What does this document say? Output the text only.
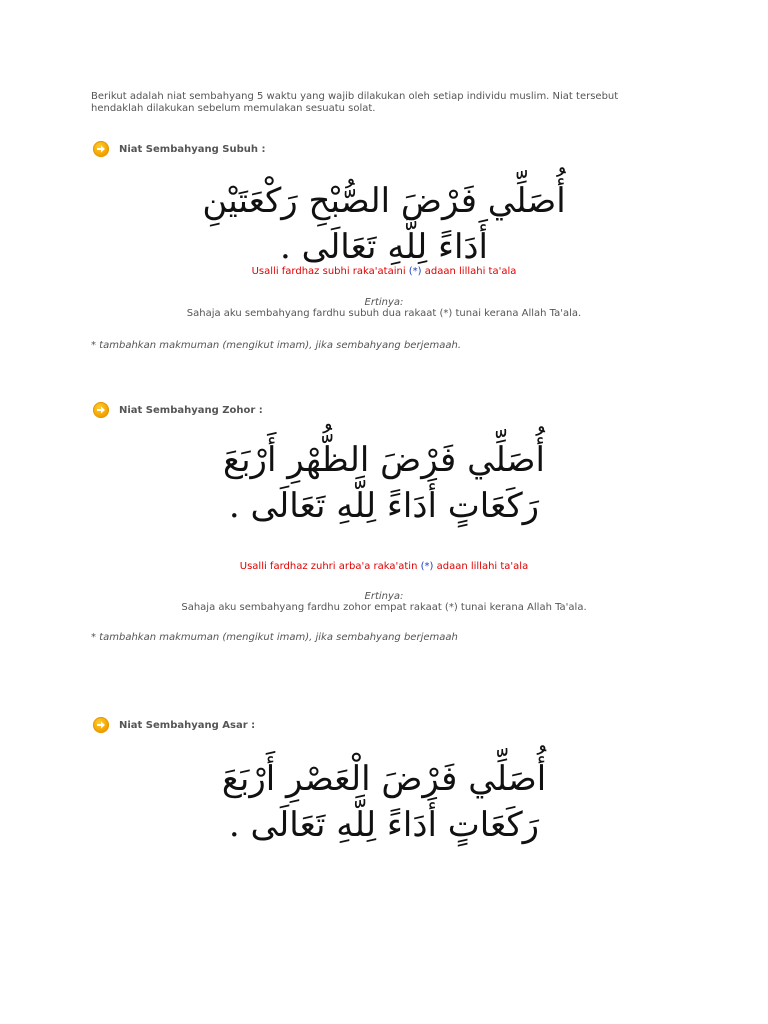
Berikut adalah niat sembahyang 5 waktu yang wajib dilakukan oleh setiap individu muslim. Niat tersebut hendaklah dilakukan sebelum memulakan sesuatu solat.

Niat Sembahyang Subuh :
أُصَلِّي فَرْضَ الصُّبْحِ رَكْعَتَيْنِ
أَدَاءً لِلَّهِ تَعَالَى .

Usalli fardhaz subhi raka'ataini (*) adaan lillahi ta'ala

Ertinya:

Sahaja aku sembahyang fardhu subuh dua rakaat (*) tunai kerana Allah Ta'ala.

* tambahkan makmuman (mengikut imam), jika sembahyang berjemaah.

Niat Sembahyang Zohor :
أُصَلِّي فَرْضَ الظُّهْرِ أَرْبَعَ
رَكَعَاتٍ أَدَاءً لِلَّهِ تَعَالَى .

Usalli fardhaz zuhri arba'a raka'atin (*) adaan lillahi ta'ala

Ertinya:

Sahaja aku sembahyang fardhu zohor empat rakaat (*) tunai kerana Allah Ta'ala.

* tambahkan makmuman (mengikut imam), jika sembahyang berjemaah

Niat Sembahyang Asar :
أُصَلِّي فَرْضَ الْعَصْرِ أَرْبَعَ
رَكَعَاتٍ أَدَاءً لِلَّهِ تَعَالَى .
